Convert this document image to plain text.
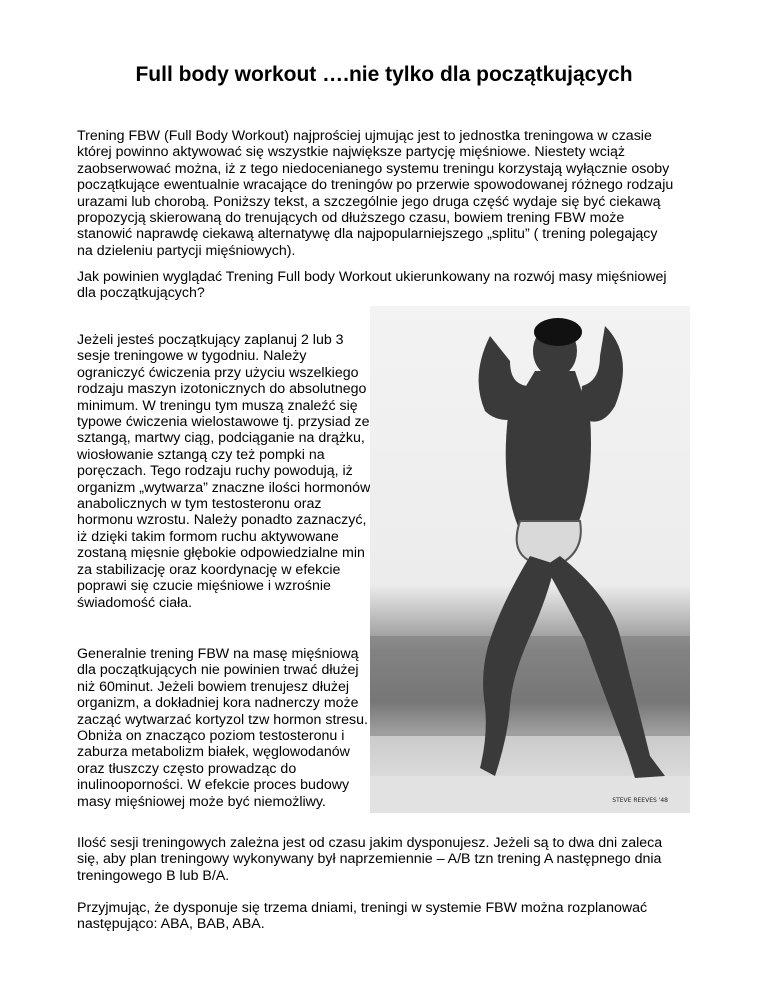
Full body workout ….nie tylko dla początkujących

Trening FBW (Full Body Workout) najprościej ujmując jest to jednostka treningowa w czasie której powinno aktywować się wszystkie największe partycję mięśniowe. Niestety wciąż zaobserwować można, iż z tego niedocenianego systemu treningu korzystają wyłącznie osoby początkujące ewentualnie wracające do treningów po przerwie spowodowanej różnego rodzaju urazami lub chorobą. Poniższy tekst, a szczególnie jego druga część wydaje się być ciekawą propozycją skierowaną do trenujących od dłuższego czasu, bowiem trening FBW może stanowić naprawdę ciekawą alternatywę dla najpopularniejszego „splitu” ( trening polegający na dzieleniu partycji mięśniowych).

Jak powinien wyglądać Trening Full body Workout ukierunkowany na rozwój masy mięśniowej dla początkujących?

Jeżeli jesteś początkujący zaplanuj 2 lub 3 sesje treningowe w tygodniu. Należy ograniczyć ćwiczenia przy użyciu wszelkiego rodzaju maszyn izotonicznych do absolutnego minimum. W treningu tym muszą znaleźć się typowe ćwiczenia wielostawowe tj. przysiad ze sztangą, martwy ciąg, podciąganie na drążku, wiosłowanie sztangą czy też pompki na poręczach. Tego rodzaju ruchy powodują, iż organizm „wytwarza” znaczne ilości hormonów anabolicznych w tym testosteronu oraz hormonu wzrostu. Należy ponadto zaznaczyć, iż dzięki takim formom ruchu aktywowane zostaną mięsnie głębokie odpowiedzialne min za stabilizację oraz koordynację w efekcie poprawi się czucie mięśniowe i wzrośnie świadomość ciała.

Generalnie trening FBW na masę mięśniową dla początkujących nie powinien trwać dłużej niż 60minut. Jeżeli bowiem trenujesz dłużej organizm, a dokładniej kora nadnerczy może zacząć wytwarzać kortyzol tzw hormon stresu. Obniża on znacząco poziom testosteronu i zaburza metabolizm białek, węglowodanów oraz tłuszczy często prowadząc do inulinooporności. W efekcie proces budowy masy mięśniowej może być niemożliwy.

Ilość sesji treningowych zależna jest od czasu jakim dysponujesz. Jeżeli są to dwa dni zaleca się, aby plan treningowy wykonywany był naprzemiennie – A/B tzn trening A następnego dnia treningowego B lub B/A.

Przyjmując, że dysponuje się trzema dniami, treningi w systemie FBW można rozplanować następująco: ABA, BAB, ABA.

STEVE REEVES '48
